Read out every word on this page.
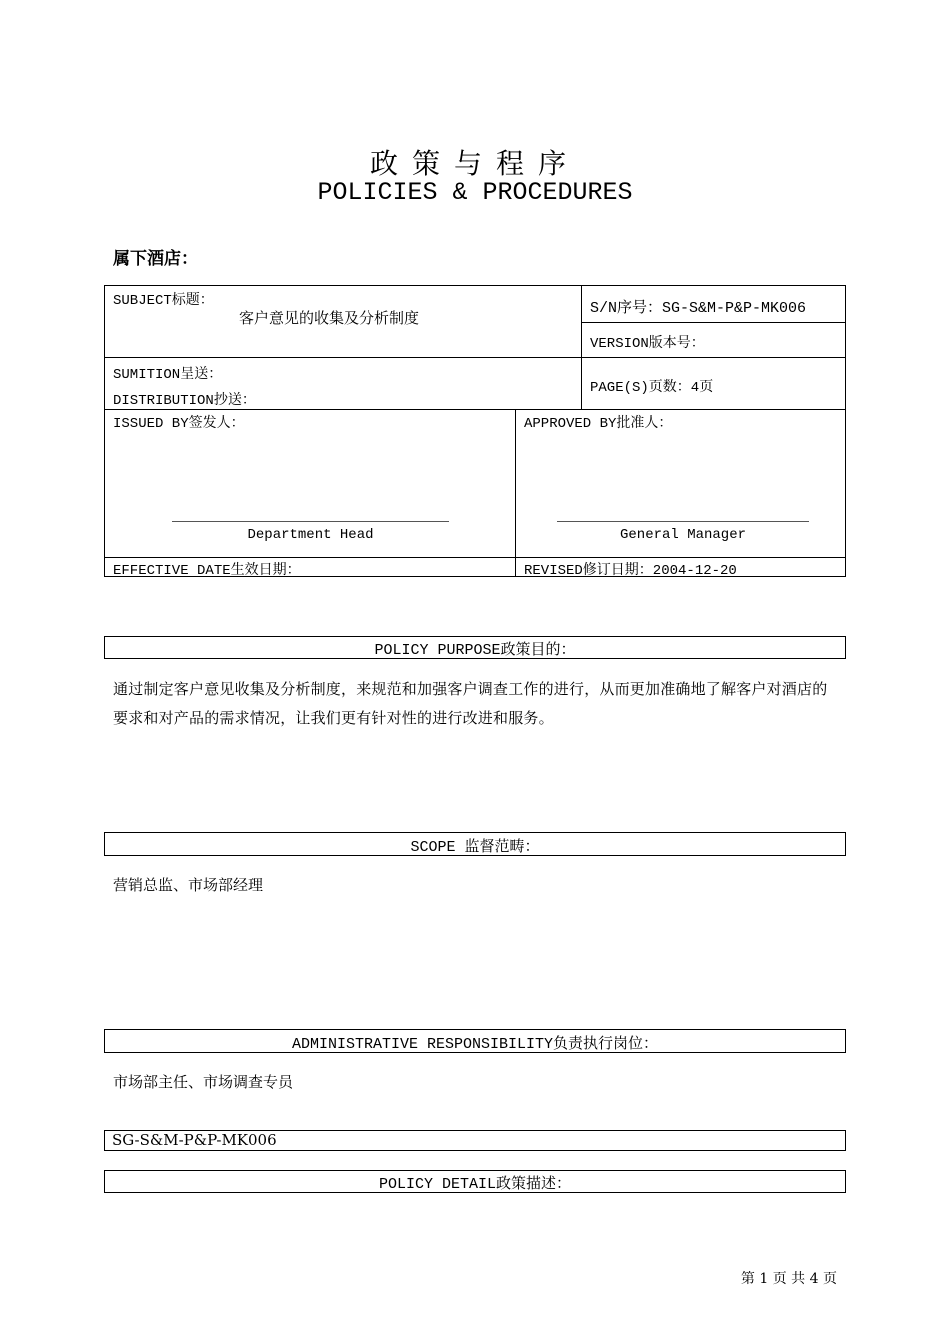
政策与程序
POLICIES & PROCEDURES
属下酒店：
SUBJECT标题：
客户意见的收集及分析制度
S/N序号：SG-S&M-P&P-MK006
VERSION版本号：
SUMITION呈送：
DISTRIBUTION抄送：
PAGE(S)页数：4页
ISSUED BY签发人：	APPROVED BY批准人：
Department Head	General Manager
EFFECTIVE DATE生效日期：	REVISED修订日期：2004-12-20
POLICY PURPOSE政策目的：
通过制定客户意见收集及分析制度，来规范和加强客户调查工作的进行，从而更加准确地了解客户对酒店的要求和对产品的需求情况，让我们更有针对性的进行改进和服务。
SCOPE 监督范畴：
营销总监、市场部经理
ADMINISTRATIVE RESPONSIBILITY负责执行岗位：
市场部主任、市场调查专员
SG-S&M-P&P-MK006
POLICY DETAIL政策描述：
第 1 页 共 4 页
